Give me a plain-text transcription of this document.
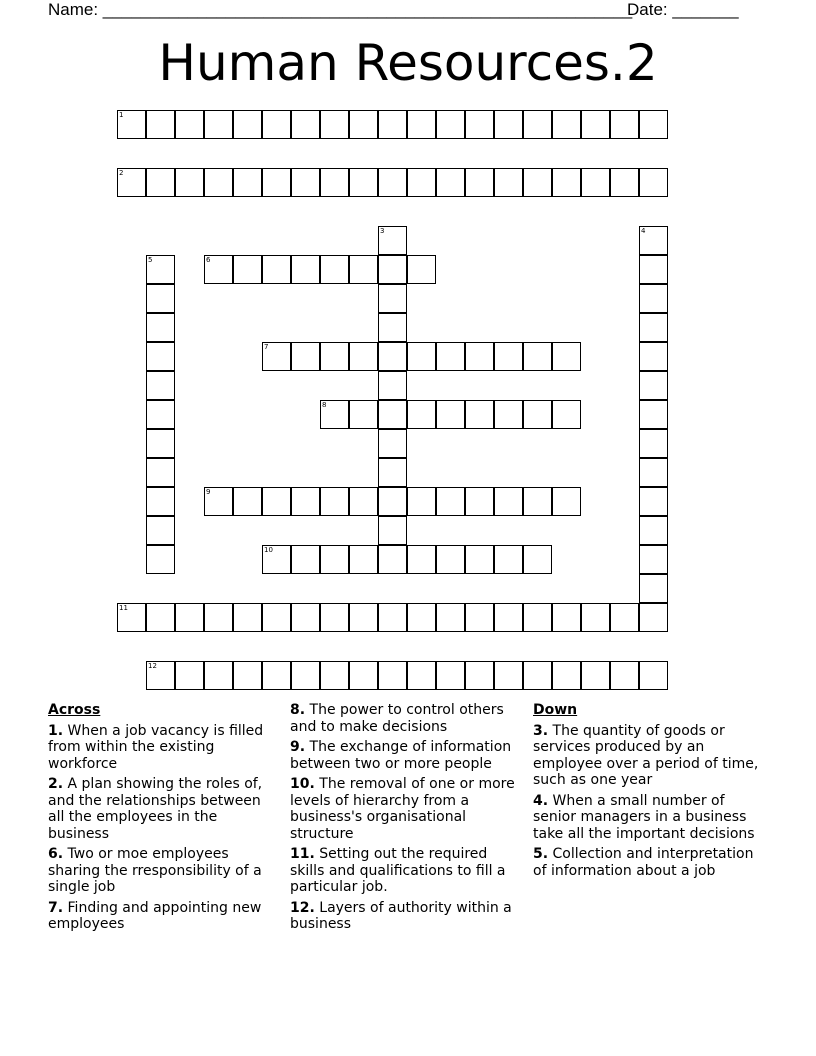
Name: ________________________________________________________
Date: _______
Human Resources.2
1
2
3	4
5	6
7
8
9
10
11
12
Across
1. When a job vacancy is filled from within the existing workforce
2. A plan showing the roles of, and the relationships between all the employees in the business
6. Two or moe employees sharing the rresponsibility of a single job
7. Finding and appointing new employees
8. The power to control others and to make decisions
9. The exchange of information between two or more people
10. The removal of one or more levels of hierarchy from a business's organisational structure
11. Setting out the required skills and qualifications to fill a particular job.
12. Layers of authority within a business
Down
3. The quantity of goods or services produced by an employee over a period of time, such as one year
4. When a small number of senior managers in a business take all the important decisions
5. Collection and interpretation of information about a job
